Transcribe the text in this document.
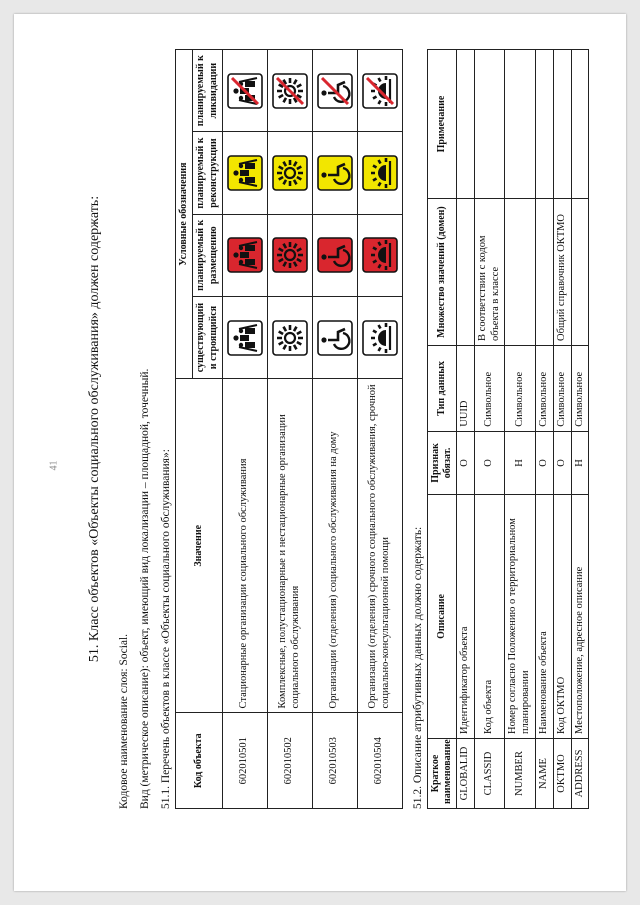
41 51. Класс объектов «Объекты социального обслуживания» должен содержать:

Кодовое наименование слоя: Social. Вид (метрическое описание): объект, имеющий вид локализации – площадной, точечный. 51.1. Перечень объектов в классе «Объекты социального обслуживания»: Код объекта	Значение	Условные обозначения			
		существующий и строящийся	планируемый к размещению	планируемый к реконструкции	планируемый к ликвидации
602010501	Стационарные организации социального обслуживания	

602010502	Комплексные, полустационарные и нестационарные организации социального обслуживания	

602010503	Организации (отделения) социального обслуживания на дому	

602010504	Организации (отделения) срочного социального обслуживания, срочной социально-консультационной помощи	

	51.2. Описание атрибутивных данных должно содержать: Краткое наименование	Описание	Признак обязат.	Тип данных	Множество значений (домен)	Примечание
GLOBALID	Идентификатор объекта	О	UUID		
CLASSID	Код объекта	О	Символьное	В соответствии с кодом объекта в классе	
NUMBER	Номер согласно Положению о территориальном планировании	Н	Символьное		
NAME	Наименование объекта	О	Символьное		
OKTMO	Код ОКТМО	О	Символьное	Общий справочник ОКТМО	
ADDRESS	Местоположение, адресное описание	Н	Символьное		
